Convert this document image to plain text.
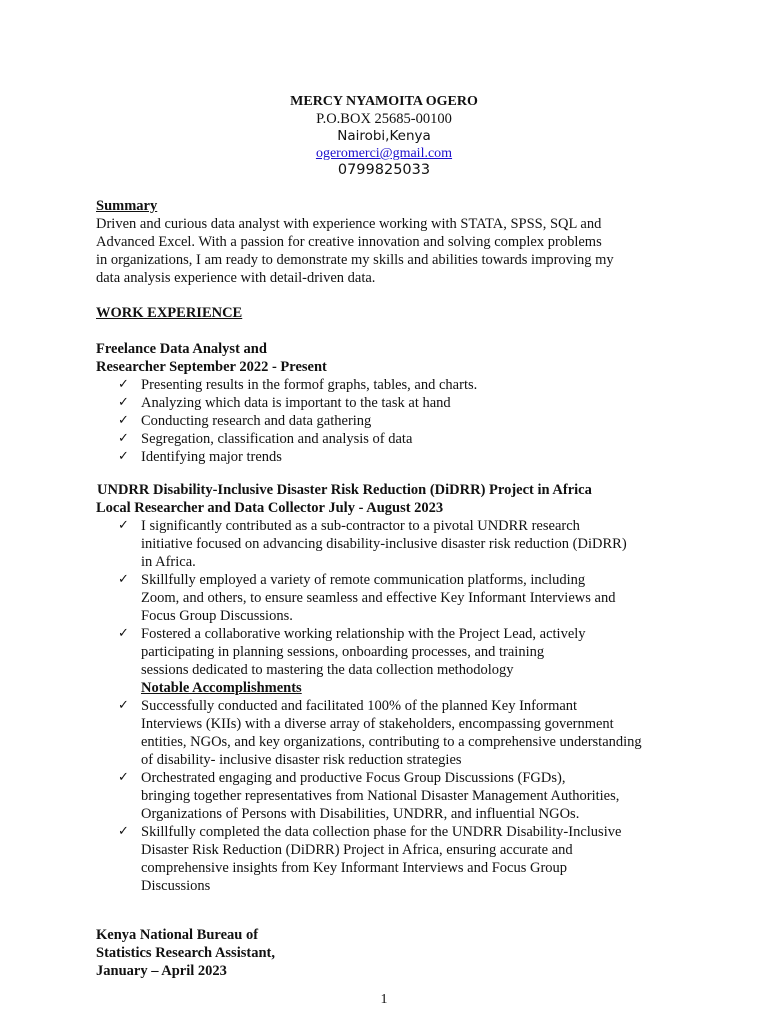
MERCY NYAMOITA OGERO
P.O.BOX 25685-00100
Nairobi,Kenya
ogeromerci@gmail.com
0799825033
Summary
Driven and curious data analyst with experience working with STATA, SPSS, SQL and
Advanced Excel. With a passion for creative innovation and solving complex problems
in organizations, I am ready to demonstrate my skills and abilities towards improving my
data analysis experience with detail-driven data.
WORK EXPERIENCE
Freelance Data Analyst and
Researcher September 2022 - Present
✓ Presenting results in the formof graphs, tables, and charts.
✓ Analyzing which data is important to the task at hand
✓ Conducting research and data gathering
✓ Segregation, classification and analysis of data
✓ Identifying major trends
UNDRR Disability-Inclusive Disaster Risk Reduction (DiDRR) Project in Africa
Local Researcher and Data Collector July - August 2023
✓ I significantly contributed as a sub-contractor to a pivotal UNDRR research
initiative focused on advancing disability-inclusive disaster risk reduction (DiDRR)
in Africa.
✓ Skillfully employed a variety of remote communication platforms, including
Zoom, and others, to ensure seamless and effective Key Informant Interviews and
Focus Group Discussions.
✓ Fostered a collaborative working relationship with the Project Lead, actively
participating in planning sessions, onboarding processes, and training
sessions dedicated to mastering the data collection methodology
Notable Accomplishments
✓ Successfully conducted and facilitated 100% of the planned Key Informant
Interviews (KIIs) with a diverse array of stakeholders, encompassing government
entities, NGOs, and key organizations, contributing to a comprehensive understanding
of disability- inclusive disaster risk reduction strategies
✓ Orchestrated engaging and productive Focus Group Discussions (FGDs),
bringing together representatives from National Disaster Management Authorities,
Organizations of Persons with Disabilities, UNDRR, and influential NGOs.
✓ Skillfully completed the data collection phase for the UNDRR Disability-Inclusive
Disaster Risk Reduction (DiDRR) Project in Africa, ensuring accurate and
comprehensive insights from Key Informant Interviews and Focus Group
Discussions
Kenya National Bureau of
Statistics Research Assistant,
January – April 2023
1
